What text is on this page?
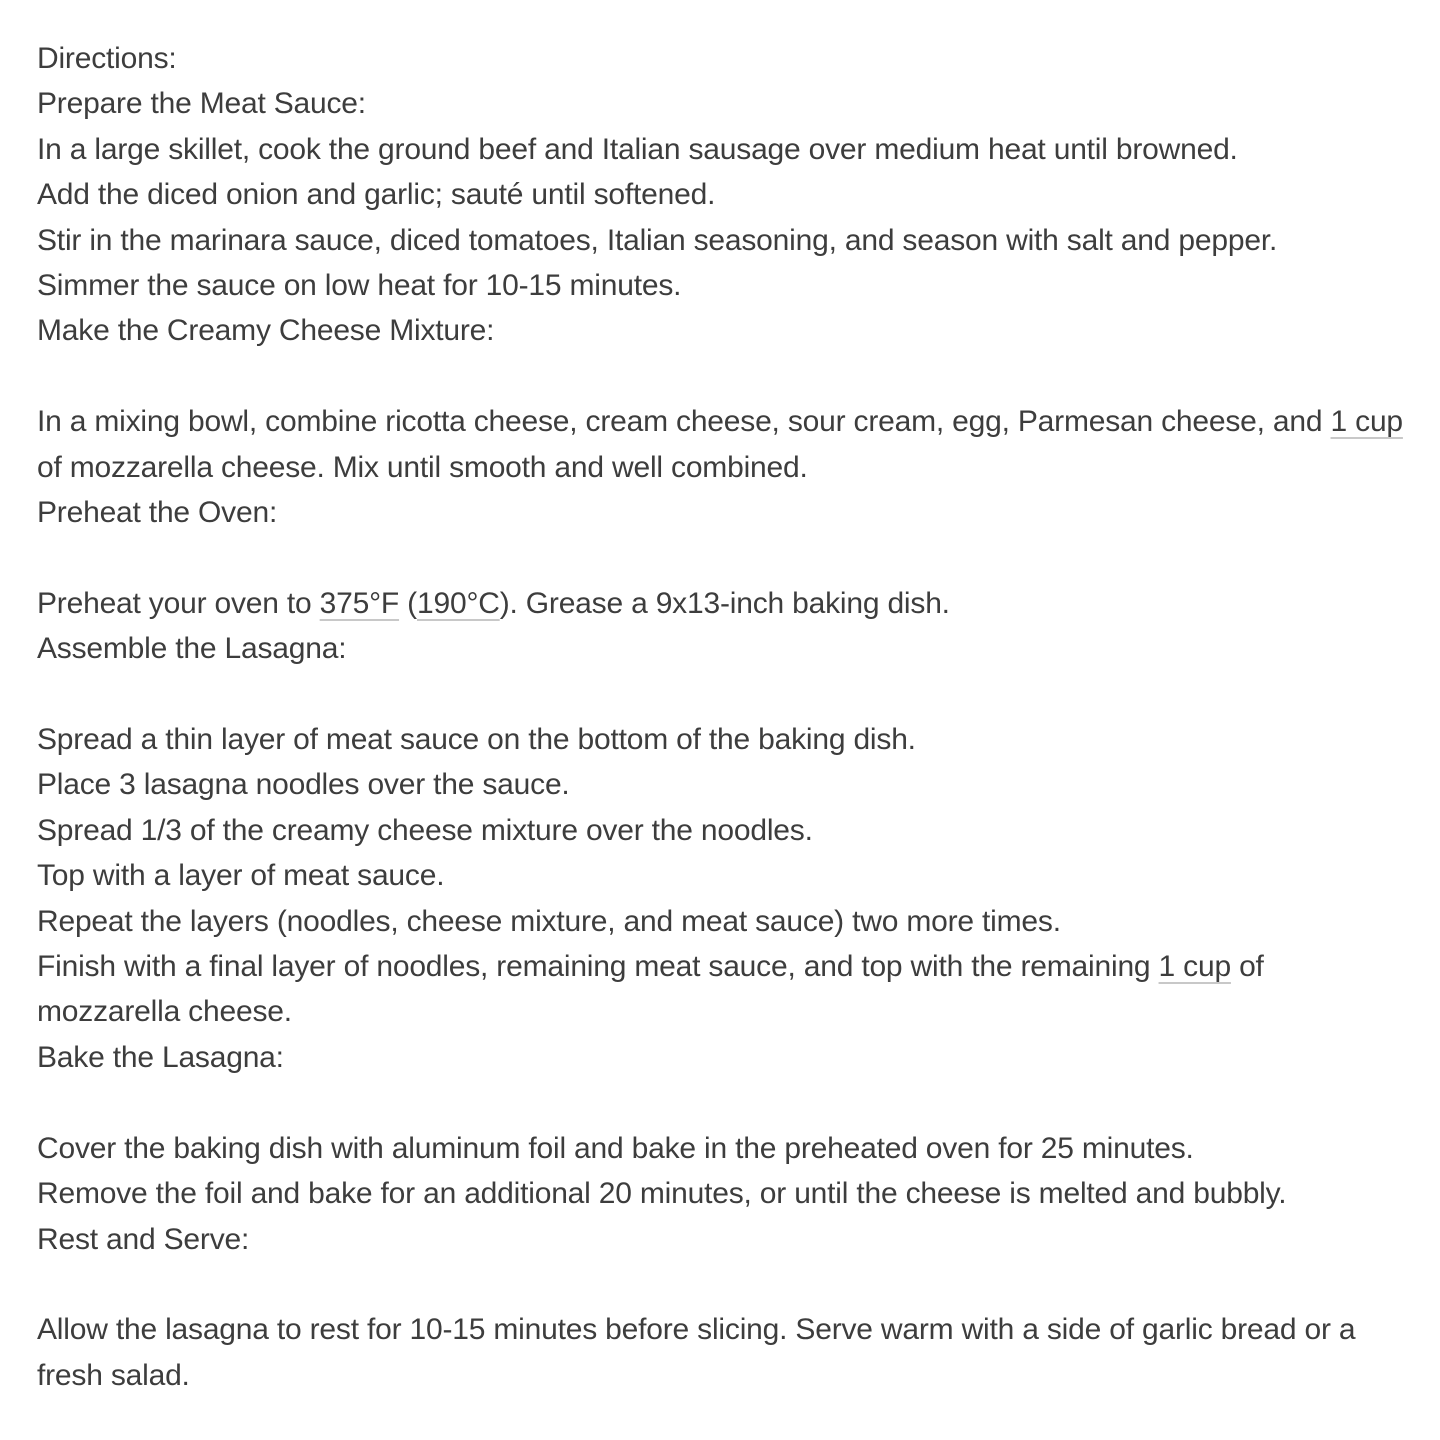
Directions:

Prepare the Meat Sauce:

In a large skillet, cook the ground beef and Italian sausage over medium heat until browned.

Add the diced onion and garlic; sauté until softened.

Stir in the marinara sauce, diced tomatoes, Italian seasoning, and season with salt and pepper.

Simmer the sauce on low heat for 10-15 minutes.

Make the Creamy Cheese Mixture:

In a mixing bowl, combine ricotta cheese, cream cheese, sour cream, egg, Parmesan cheese, and 1 cup of mozzarella cheese. Mix until smooth and well combined.

Preheat the Oven:

Preheat your oven to 375°F (190°C). Grease a 9x13-inch baking dish.

Assemble the Lasagna:

Spread a thin layer of meat sauce on the bottom of the baking dish.

Place 3 lasagna noodles over the sauce.

Spread 1/3 of the creamy cheese mixture over the noodles.

Top with a layer of meat sauce.

Repeat the layers (noodles, cheese mixture, and meat sauce) two more times.

Finish with a final layer of noodles, remaining meat sauce, and top with the remaining 1 cup of mozzarella cheese.

Bake the Lasagna:

Cover the baking dish with aluminum foil and bake in the preheated oven for 25 minutes.

Remove the foil and bake for an additional 20 minutes, or until the cheese is melted and bubbly.

Rest and Serve:

Allow the lasagna to rest for 10-15 minutes before slicing. Serve warm with a side of garlic bread or a fresh salad.
